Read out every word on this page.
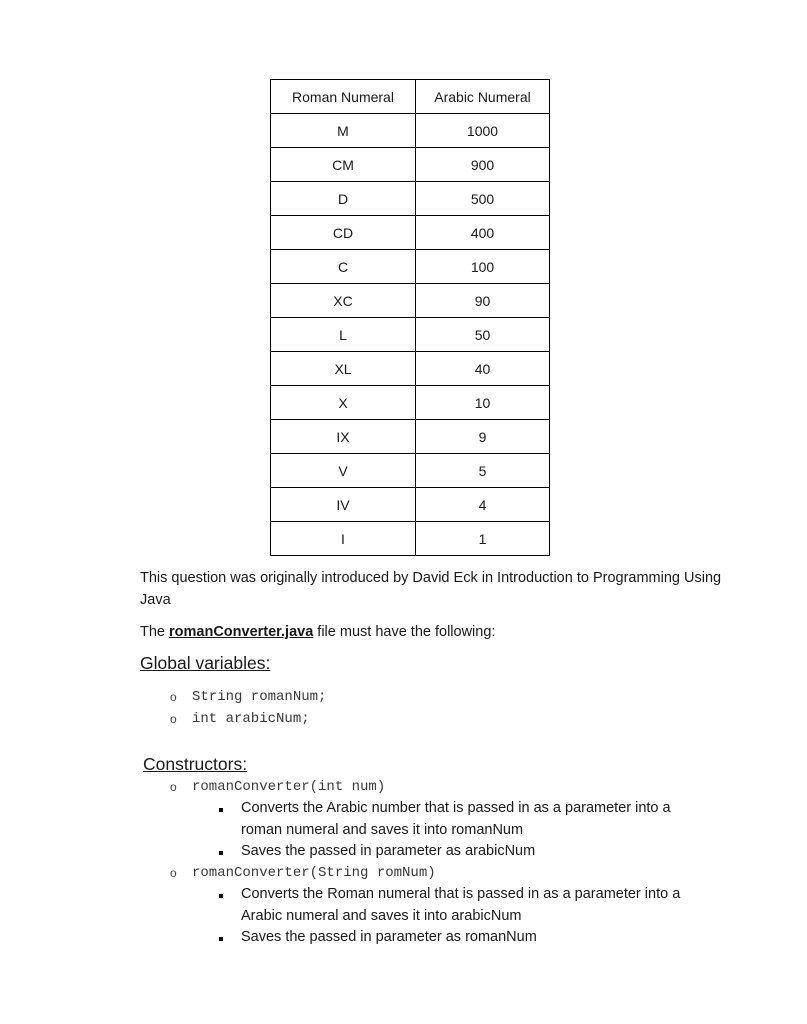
Roman Numeral	Arabic Numeral
M	1000
CM	900
D	500
CD	400
C	100
XC	90
L	50
XL	40
X	10
IX	9
V	5
IV	4
I	1
This question was originally introduced by David Eck in Introduction to Programming Using Java
The romanConverter.java file must have the following:
Global variables:
o String romanNum;
o int arabicNum;
Constructors:
o romanConverter(int num)
Converts the Arabic number that is passed in as a parameter into a roman numeral and saves it into romanNum
Saves the passed in parameter as arabicNum
o romanConverter(String romNum)
Converts the Roman numeral that is passed in as a parameter into a Arabic numeral and saves it into arabicNum
Saves the passed in parameter as romanNum
